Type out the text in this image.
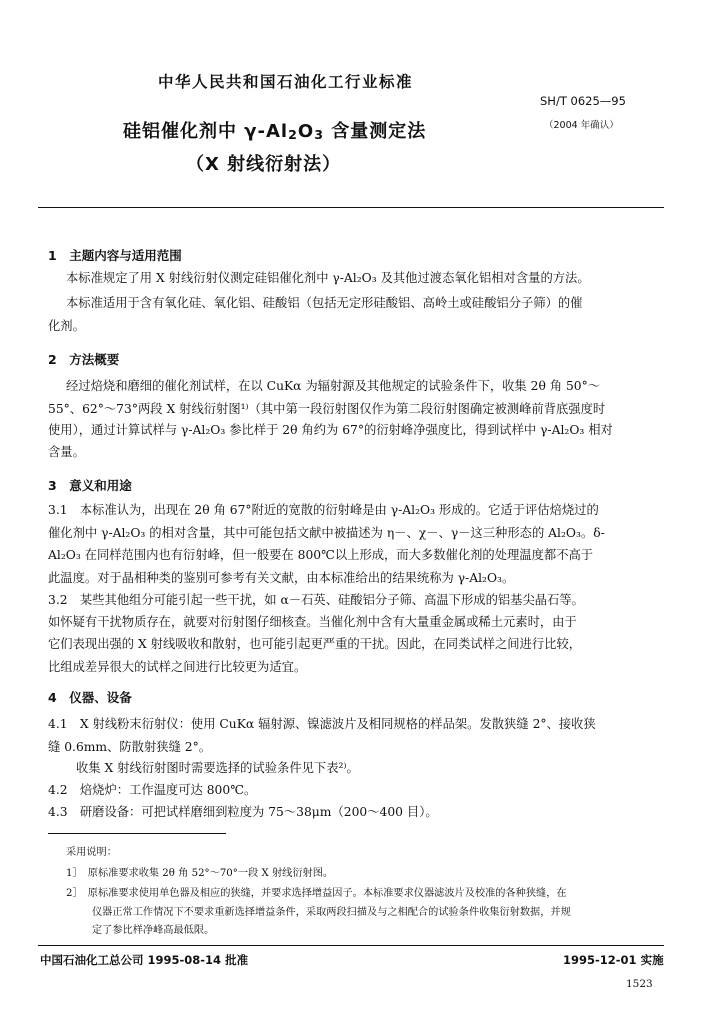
中华人民共和国石油化工行业标准
SH/T 0625—95
（2004 年确认）
硅铝催化剂中 $\gamma-Al_2O_3$ 含量测定法
（X 射线衍射法）
1　主题内容与适用范围
本标准规定了用 X 射线衍射仪测定硅铝催化剂中 γ-Al₂O₃ 及其他过渡态氧化铝相对含量的方法。
本标准适用于含有氧化硅、氧化铝、硅酸铝（包括无定形硅酸铝、高岭土或硅酸铝分子筛）的催
化剂。
2　方法概要
经过焙烧和磨细的催化剂试样，在以 CuKα 为辐射源及其他规定的试验条件下，收集 2θ 角 50°～
55°、62°～73°两段 X 射线衍射图¹⁾（其中第一段衍射图仅作为第二段衍射图确定被测峰前背底强度时
使用），通过计算试样与 γ-Al₂O₃ 参比样于 2θ 角约为 67°的衍射峰净强度比，得到试样中 γ-Al₂O₃ 相对
含量。
3　意义和用途
3.1　本标准认为，出现在 2θ 角 67°附近的宽散的衍射峰是由 γ-Al₂O₃ 形成的。它适于评估焙烧过的
催化剂中 γ-Al₂O₃ 的相对含量，其中可能包括文献中被描述为 η－、χ－、γ－这三种形态的 Al₂O₃。δ-
Al₂O₃ 在同样范围内也有衍射峰，但一般要在 800℃以上形成，而大多数催化剂的处理温度都不高于
此温度。对于晶相种类的鉴别可参考有关文献，由本标准给出的结果统称为 γ-Al₂O₃。
3.2　某些其他组分可能引起一些干扰，如 α－石英、硅酸铝分子筛、高温下形成的铝基尖晶石等。
如怀疑有干扰物质存在，就要对衍射图仔细核查。当催化剂中含有大量重金属或稀土元素时，由于
它们表现出强的 X 射线吸收和散射，也可能引起更严重的干扰。因此，在同类试样之间进行比较，
比组成差异很大的试样之间进行比较更为适宜。
4　仪器、设备
4.1　X 射线粉末衍射仪：使用 CuKα 辐射源、镍滤波片及相同规格的样品架。发散狭缝 2°、接收狭
缝 0.6mm、防散射狭缝 2°。
收集 X 射线衍射图时需要选择的试验条件见下表²⁾。
4.2　焙烧炉：工作温度可达 800℃。
4.3　研磨设备：可把试样磨细到粒度为 75～38μm（200～400 目）。
采用说明：
1］　原标准要求收集 2θ 角 52°～70°一段 X 射线衍射图。
2］　原标准要求使用单色器及相应的狭缝，并要求选择增益因子。本标准要求仪器滤波片及校准的各种狭缝，在
仪器正常工作情况下不要求重新选择增益条件，采取两段扫描及与之相配合的试验条件收集衍射数据，并规
定了参比样净峰高最低限。
中国石油化工总公司 1995-08-14 批准	1995-12-01 实施
1523
